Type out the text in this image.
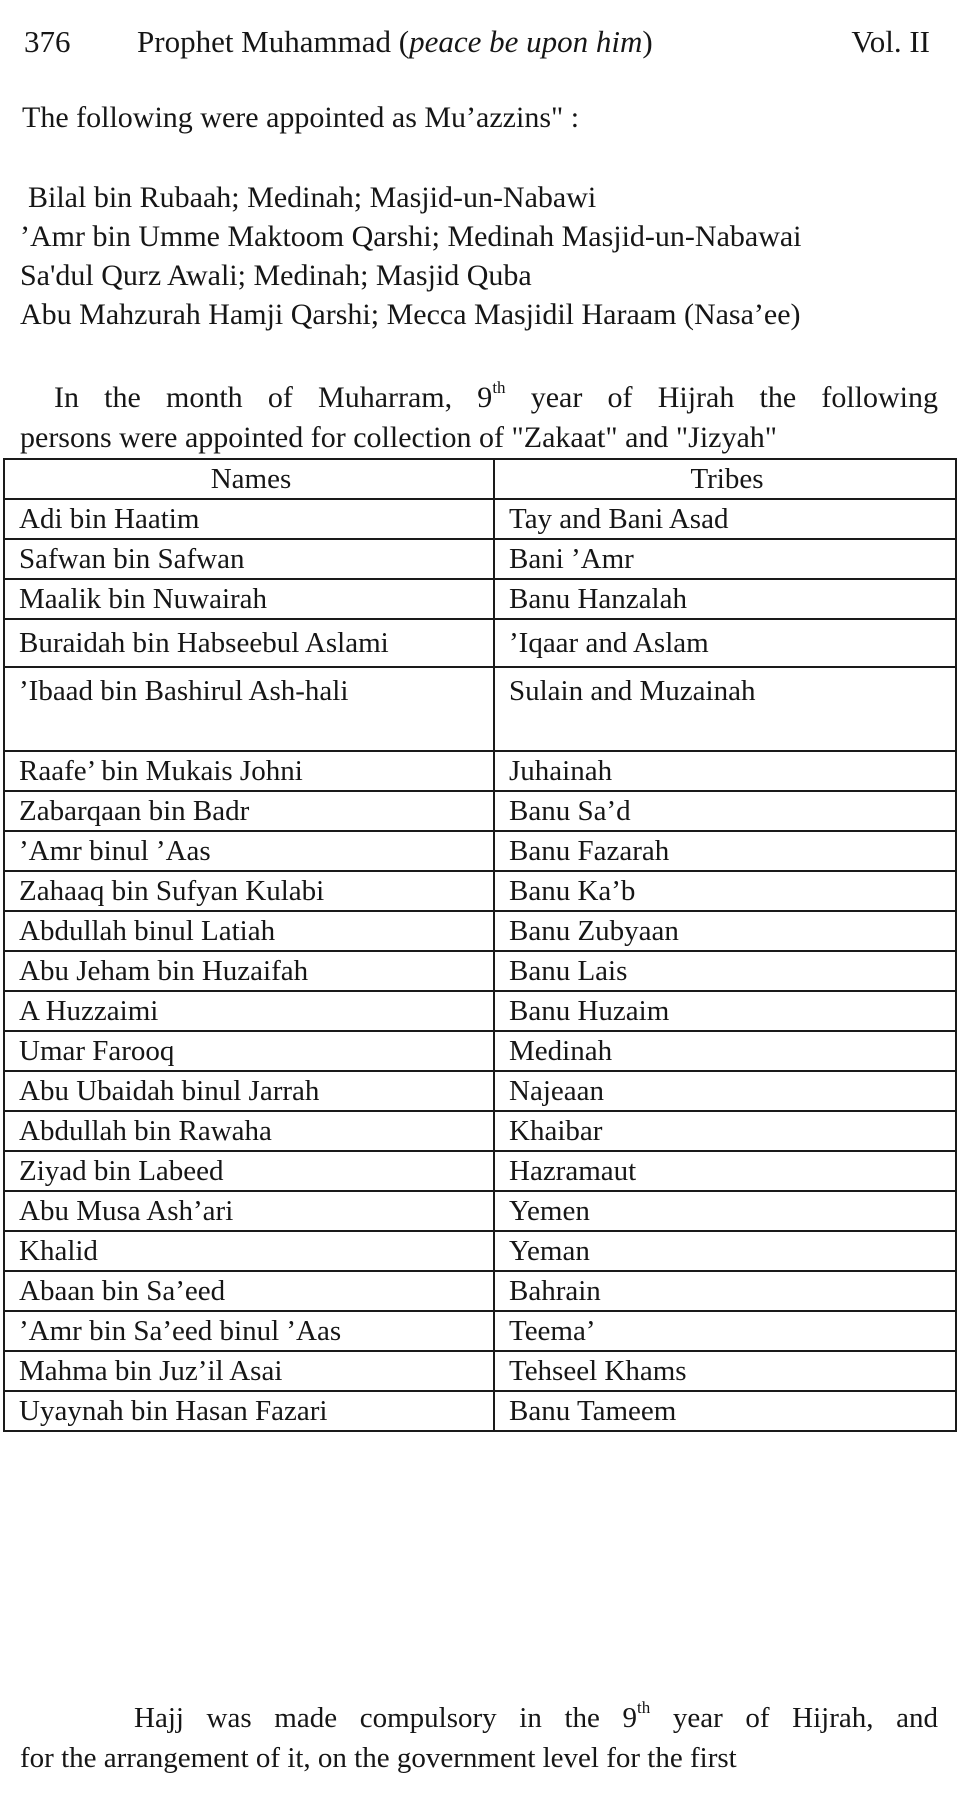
376 Prophet Muhammad (peace be upon him)	Vol. II
The following were appointed as Mu’azzins" :
Bilal bin Rubaah; Medinah; Masjid-un-Nabawi
’Amr bin Umme Maktoom Qarshi; Medinah Masjid-un-Nabawai
Sa'dul Qurz Awali; Medinah; Masjid Quba
Abu Mahzurah Hamji Qarshi; Mecca Masjidil Haraam (Nasa’ee)
In the month of Muharram, 9th year of Hijrah the following
persons were appointed for collection of "Zakaat" and "Jizyah"
Names	Tribes
Adi bin Haatim	Tay and Bani Asad
Safwan bin Safwan	Bani ’Amr
Maalik bin Nuwairah	Banu Hanzalah
Buraidah bin Habseebul Aslami	’Iqaar and Aslam
’Ibaad bin Bashirul Ash-hali	Sulain and Muzainah
Raafe’ bin Mukais Johni	Juhainah
Zabarqaan bin Badr	Banu Sa’d
’Amr binul ’Aas	Banu Fazarah
Zahaaq bin Sufyan Kulabi	Banu Ka’b
Abdullah binul Latiah	Banu Zubyaan
Abu Jeham bin Huzaifah	Banu Lais
A Huzzaimi	Banu Huzaim
Umar Farooq	Medinah
Abu Ubaidah binul Jarrah	Najeaan
Abdullah bin Rawaha	Khaibar
Ziyad bin Labeed	Hazramaut
Abu Musa Ash’ari	Yemen
Khalid	Yeman
Abaan bin Sa’eed	Bahrain
’Amr bin Sa’eed binul ’Aas	Teema’
Mahma bin Juz’il Asai	Tehseel Khams
Uyaynah bin Hasan Fazari	Banu Tameem
Hajj was made compulsory in the 9th year of Hijrah, and
for the arrangement of it, on the government level for the first
